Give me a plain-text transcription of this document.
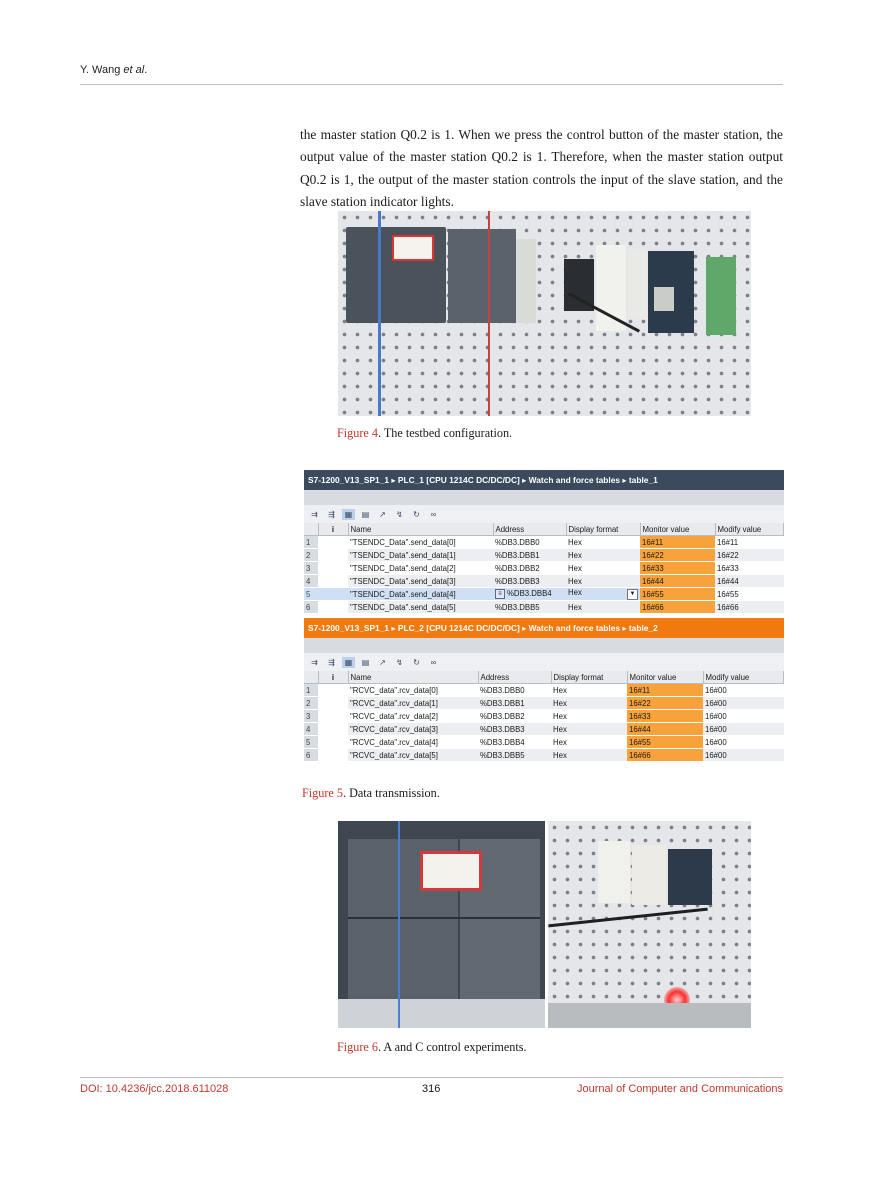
Y. Wang et al.

the master station Q0.2 is 1. When we press the control button of the master station, the output value of the master station Q0.2 is 1. Therefore, when the master station output Q0.2 is 1, the output of the master station controls the input of the slave station, and the slave station indicator lights.

Figure 4. The testbed configuration.
S7-1200_V13_SP1_1 ▸ PLC_1 [CPU 1214C DC/DC/DC] ▸ Watch and force tables ▸ table_1
⇉	⇶	▦	▤	↗	↯	↻	∞
	i	Name	Address	Display format	Monitor value	Modify value
1		"TSENDC_Data".send_data[0]	%DB3.DBB0	Hex	16#11	16#11
2		"TSENDC_Data".send_data[1]	%DB3.DBB1	Hex	16#22	16#22
3		"TSENDC_Data".send_data[2]	%DB3.DBB2	Hex	16#33	16#33
4		"TSENDC_Data".send_data[3]	%DB3.DBB3	Hex	16#44	16#44
5		"TSENDC_Data".send_data[4]	≡ %DB3.DBB4	Hex ▼	16#55	16#55
6		"TSENDC_Data".send_data[5]	%DB3.DBB5	Hex	16#66	16#66
S7-1200_V13_SP1_1 ▸ PLC_2 [CPU 1214C DC/DC/DC] ▸ Watch and force tables ▸ table_2
⇉	⇶	▦	▤	↗	↯	↻	∞
	i	Name	Address	Display format	Monitor value	Modify value
1		"RCVC_data".rcv_data[0]	%DB3.DBB0	Hex	16#11	16#00
2		"RCVC_data".rcv_data[1]	%DB3.DBB1	Hex	16#22	16#00
3		"RCVC_data".rcv_data[2]	%DB3.DBB2	Hex	16#33	16#00
4		"RCVC_data".rcv_data[3]	%DB3.DBB3	Hex	16#44	16#00
5		"RCVC_data".rcv_data[4]	%DB3.DBB4	Hex	16#55	16#00
6		"RCVC_data".rcv_data[5]	%DB3.DBB5	Hex	16#66	16#00
Figure 5. Data transmission.
Figure 6. A and C control experiments.
DOI: 10.4236/jcc.2018.611028	316	Journal of Computer and Communications
